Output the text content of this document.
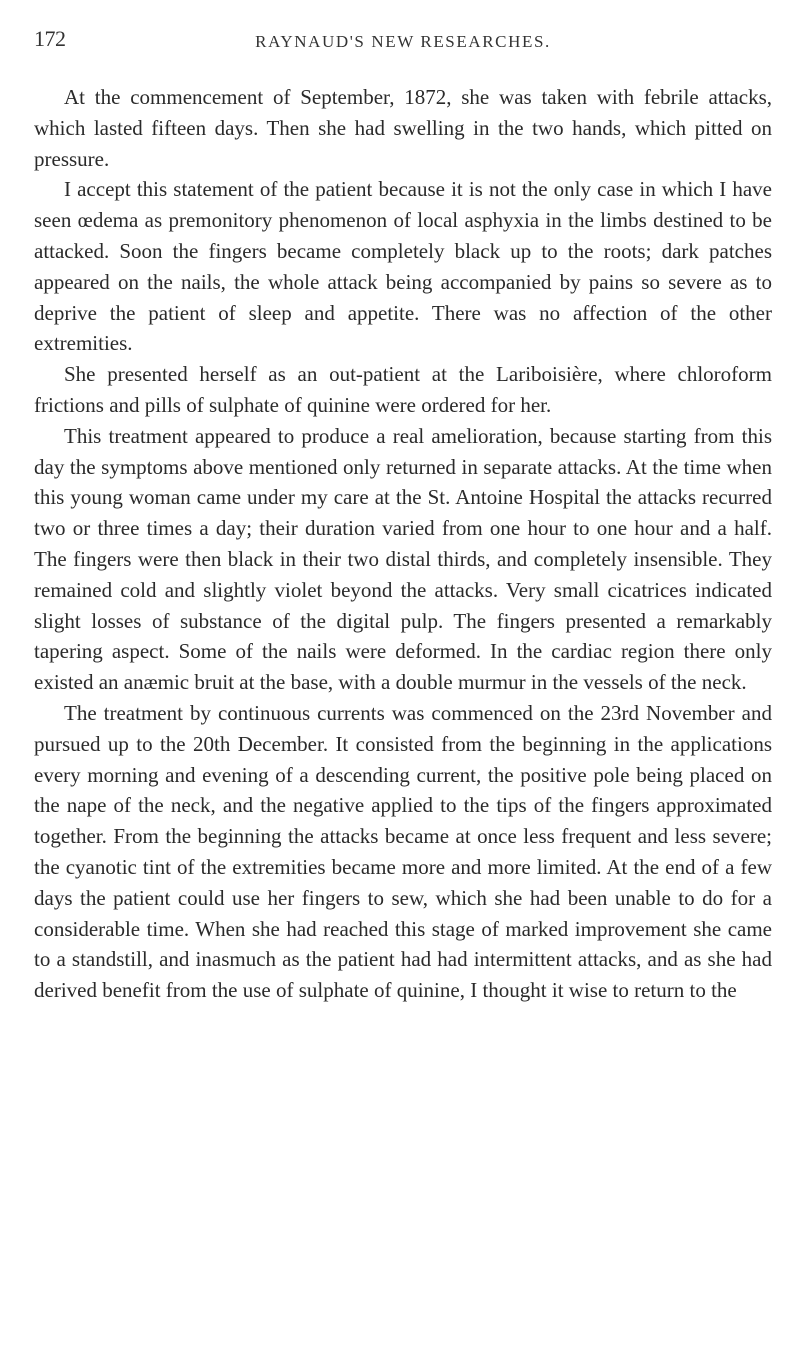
172	RAYNAUD'S NEW RESEARCHES.

At the commencement of September, 1872, she was taken with febrile attacks, which lasted fifteen days. Then she had swelling in the two hands, which pitted on pressure.

I accept this statement of the patient because it is not the only case in which I have seen œdema as premonitory phenomenon of local asphyxia in the limbs destined to be attacked. Soon the fingers became completely black up to the roots; dark patches appeared on the nails, the whole attack being accompanied by pains so severe as to deprive the patient of sleep and appetite. There was no affection of the other extremities.

She presented herself as an out-patient at the Lariboisière, where chloroform frictions and pills of sulphate of quinine were ordered for her.

This treatment appeared to produce a real amelioration, because starting from this day the symptoms above mentioned only returned in separate attacks. At the time when this young woman came under my care at the St. Antoine Hospital the attacks recurred two or three times a day; their duration varied from one hour to one hour and a half. The fingers were then black in their two distal thirds, and completely insensible. They remained cold and slightly violet beyond the attacks. Very small cicatrices indicated slight losses of substance of the digital pulp. The fingers presented a remarkably tapering aspect. Some of the nails were deformed. In the cardiac region there only existed an anæmic bruit at the base, with a double murmur in the vessels of the neck.

The treatment by continuous currents was commenced on the 23rd November and pursued up to the 20th December. It consisted from the beginning in the applications every morning and evening of a descending current, the positive pole being placed on the nape of the neck, and the negative applied to the tips of the fingers approximated together. From the beginning the attacks became at once less frequent and less severe; the cyanotic tint of the extremities became more and more limited. At the end of a few days the patient could use her fingers to sew, which she had been unable to do for a considerable time. When she had reached this stage of marked improvement she came to a standstill, and inasmuch as the patient had had intermittent attacks, and as she had derived benefit from the use of sulphate of quinine, I thought it wise to return to the
